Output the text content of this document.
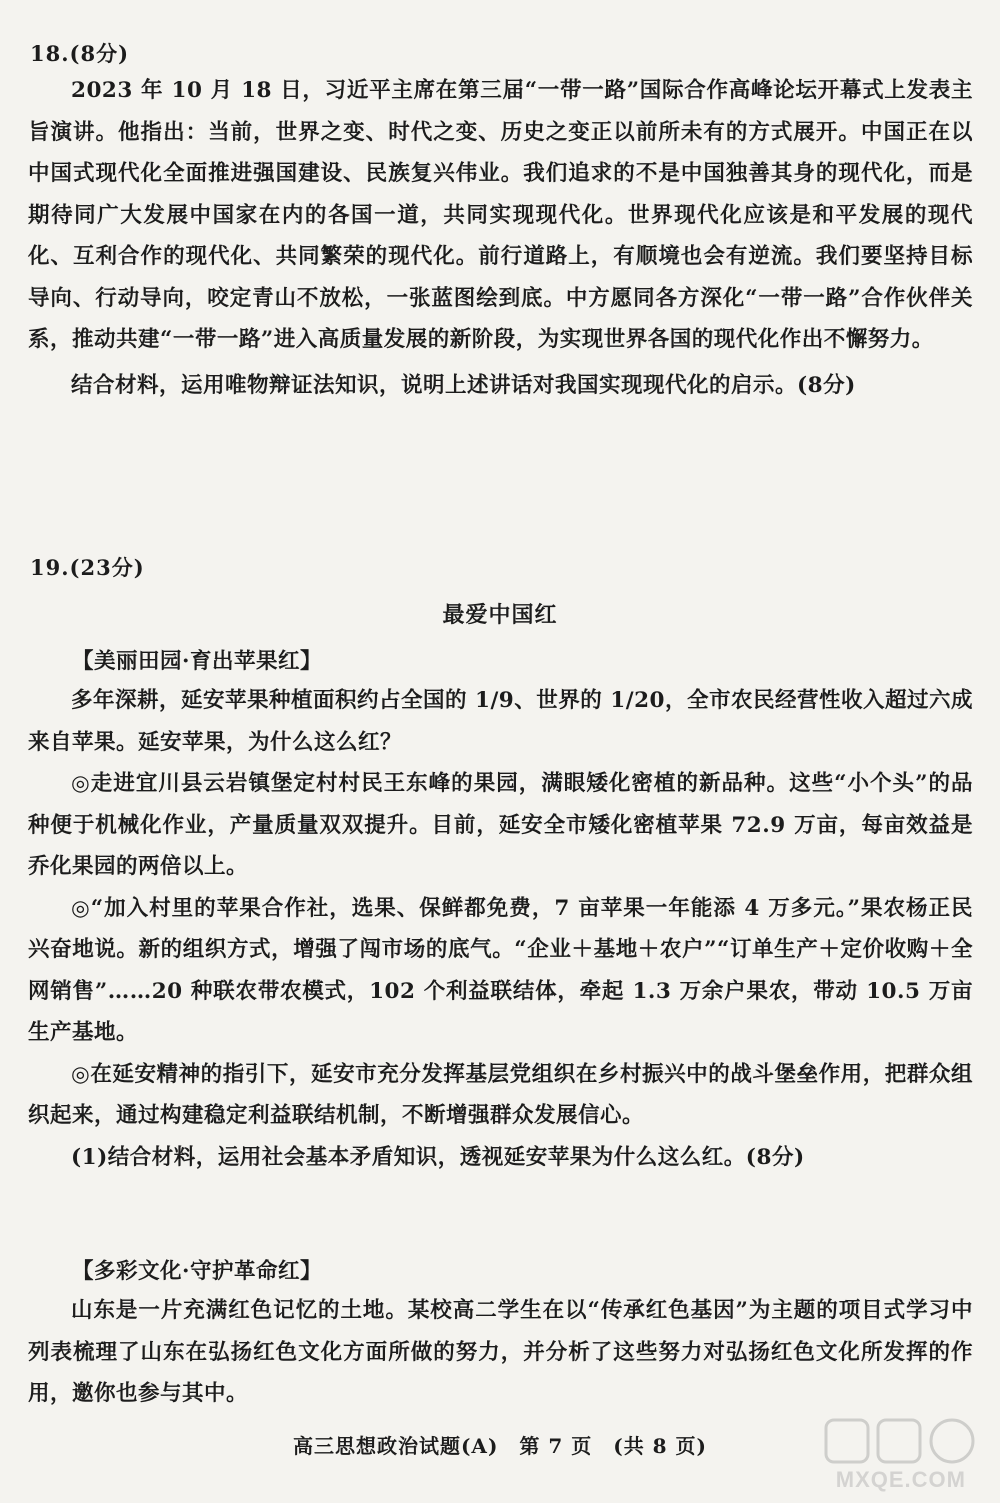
18.(8分)

2023 年 10 月 18 日，习近平主席在第三届“一带一路”国际合作高峰论坛开幕式上发表主旨演讲。他指出：当前，世界之变、时代之变、历史之变正以前所未有的方式展开。中国正在以中国式现代化全面推进强国建设、民族复兴伟业。我们追求的不是中国独善其身的现代化，而是期待同广大发展中国家在内的各国一道，共同实现现代化。世界现代化应该是和平发展的现代化、互利合作的现代化、共同繁荣的现代化。前行道路上，有顺境也会有逆流。我们要坚持目标导向、行动导向，咬定青山不放松，一张蓝图绘到底。中方愿同各方深化“一带一路”合作伙伴关系，推动共建“一带一路”进入高质量发展的新阶段，为实现世界各国的现代化作出不懈努力。

结合材料，运用唯物辩证法知识，说明上述讲话对我国实现现代化的启示。(8分)

19.(23分)
最爱中国红
【美丽田园·育出苹果红】

多年深耕，延安苹果种植面积约占全国的 1/9、世界的 1/20，全市农民经营性收入超过六成来自苹果。延安苹果，为什么这么红？

◎走进宜川县云岩镇堡定村村民王东峰的果园，满眼矮化密植的新品种。这些“小个头”的品种便于机械化作业，产量质量双双提升。目前，延安全市矮化密植苹果 72.9 万亩，每亩效益是乔化果园的两倍以上。

◎“加入村里的苹果合作社，选果、保鲜都免费，7 亩苹果一年能添 4 万多元。”果农杨正民兴奋地说。新的组织方式，增强了闯市场的底气。“企业＋基地＋农户”“订单生产＋定价收购＋全网销售”……20 种联农带农模式，102 个利益联结体，牵起 1.3 万余户果农，带动 10.5 万亩生产基地。

◎在延安精神的指引下，延安市充分发挥基层党组织在乡村振兴中的战斗堡垒作用，把群众组织起来，通过构建稳定利益联结机制，不断增强群众发展信心。

(1)结合材料，运用社会基本矛盾知识，透视延安苹果为什么这么红。(8分)

【多彩文化·守护革命红】

山东是一片充满红色记忆的土地。某校高二学生在以“传承红色基因”为主题的项目式学习中列表梳理了山东在弘扬红色文化方面所做的努力，并分析了这些努力对弘扬红色文化所发挥的作用，邀你也参与其中。

高三思想政治试题(A)　第 7 页　(共 8 页)
MXQE.COM
